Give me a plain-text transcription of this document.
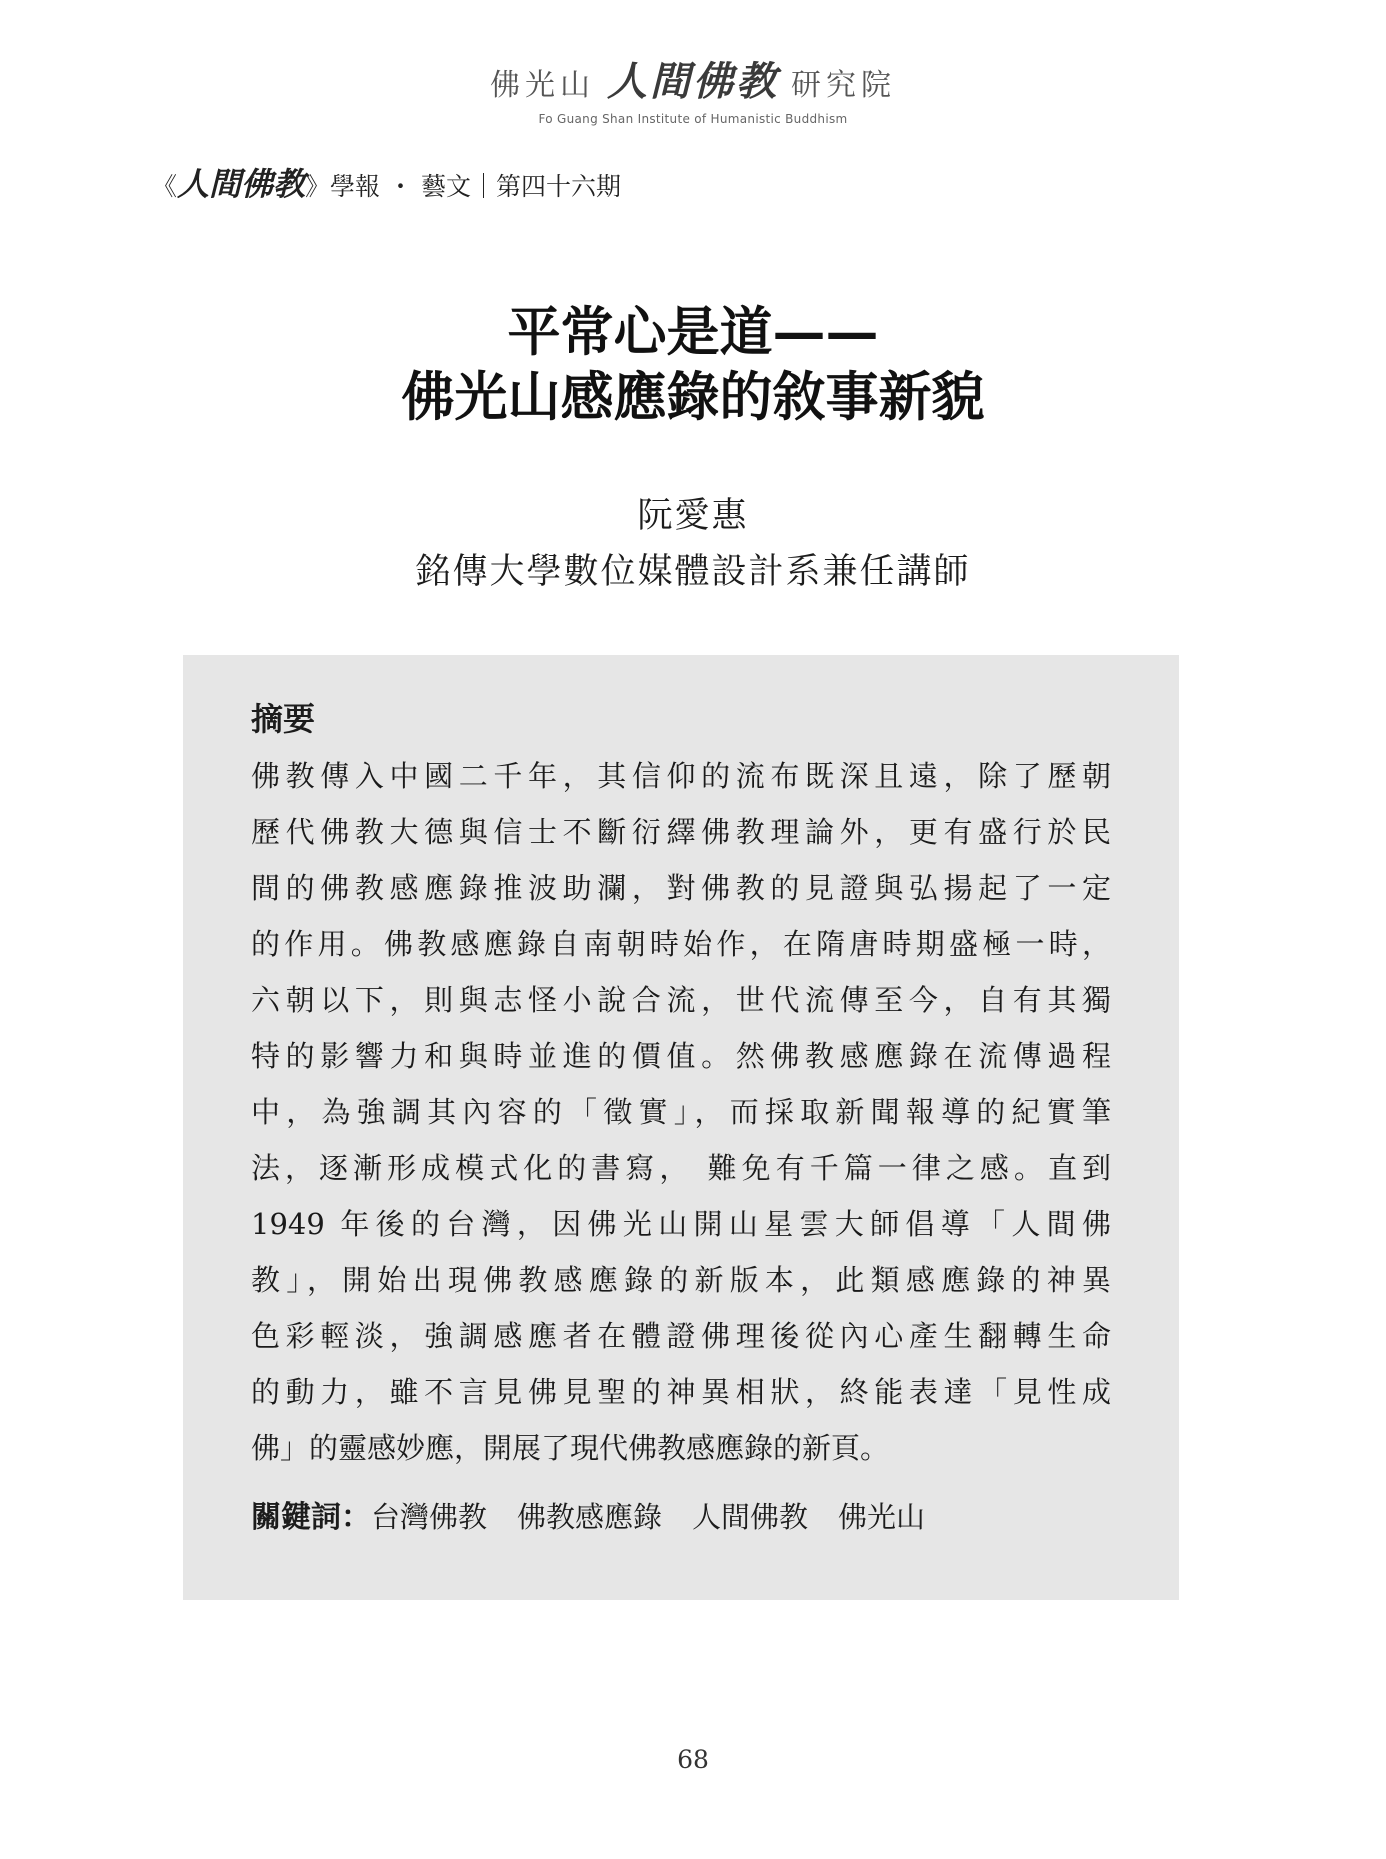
佛光山 人間佛教 研究院
Fo Guang Shan Institute of Humanistic Buddhism
《人間佛教》學報 ・ 藝文｜第四十六期
平常心是道——
佛光山感應錄的敘事新貌
阮愛惠
銘傳大學數位媒體設計系兼任講師
摘要
佛教傳入中國二千年，其信仰的流布既深且遠，除了歷朝
歷代佛教大德與信士不斷衍繹佛教理論外，更有盛行於民
間的佛教感應錄推波助瀾，對佛教的見證與弘揚起了一定
的作用。佛教感應錄自南朝時始作，在隋唐時期盛極一時，
六朝以下，則與志怪小說合流，世代流傳至今，自有其獨
特的影響力和與時並進的價值。然佛教感應錄在流傳過程
中，為強調其內容的「徵實」，而採取新聞報導的紀實筆
法，逐漸形成模式化的書寫， 難免有千篇一律之感。直到
1949 年後的台灣，因佛光山開山星雲大師倡導「人間佛
教」，開始出現佛教感應錄的新版本，此類感應錄的神異
色彩輕淡，強調感應者在體證佛理後從內心產生翻轉生命
的動力，雖不言見佛見聖的神異相狀，終能表達「見性成
佛」的靈感妙應，開展了現代佛教感應錄的新頁。
關鍵詞：台灣佛教 佛教感應錄 人間佛教 佛光山
68
